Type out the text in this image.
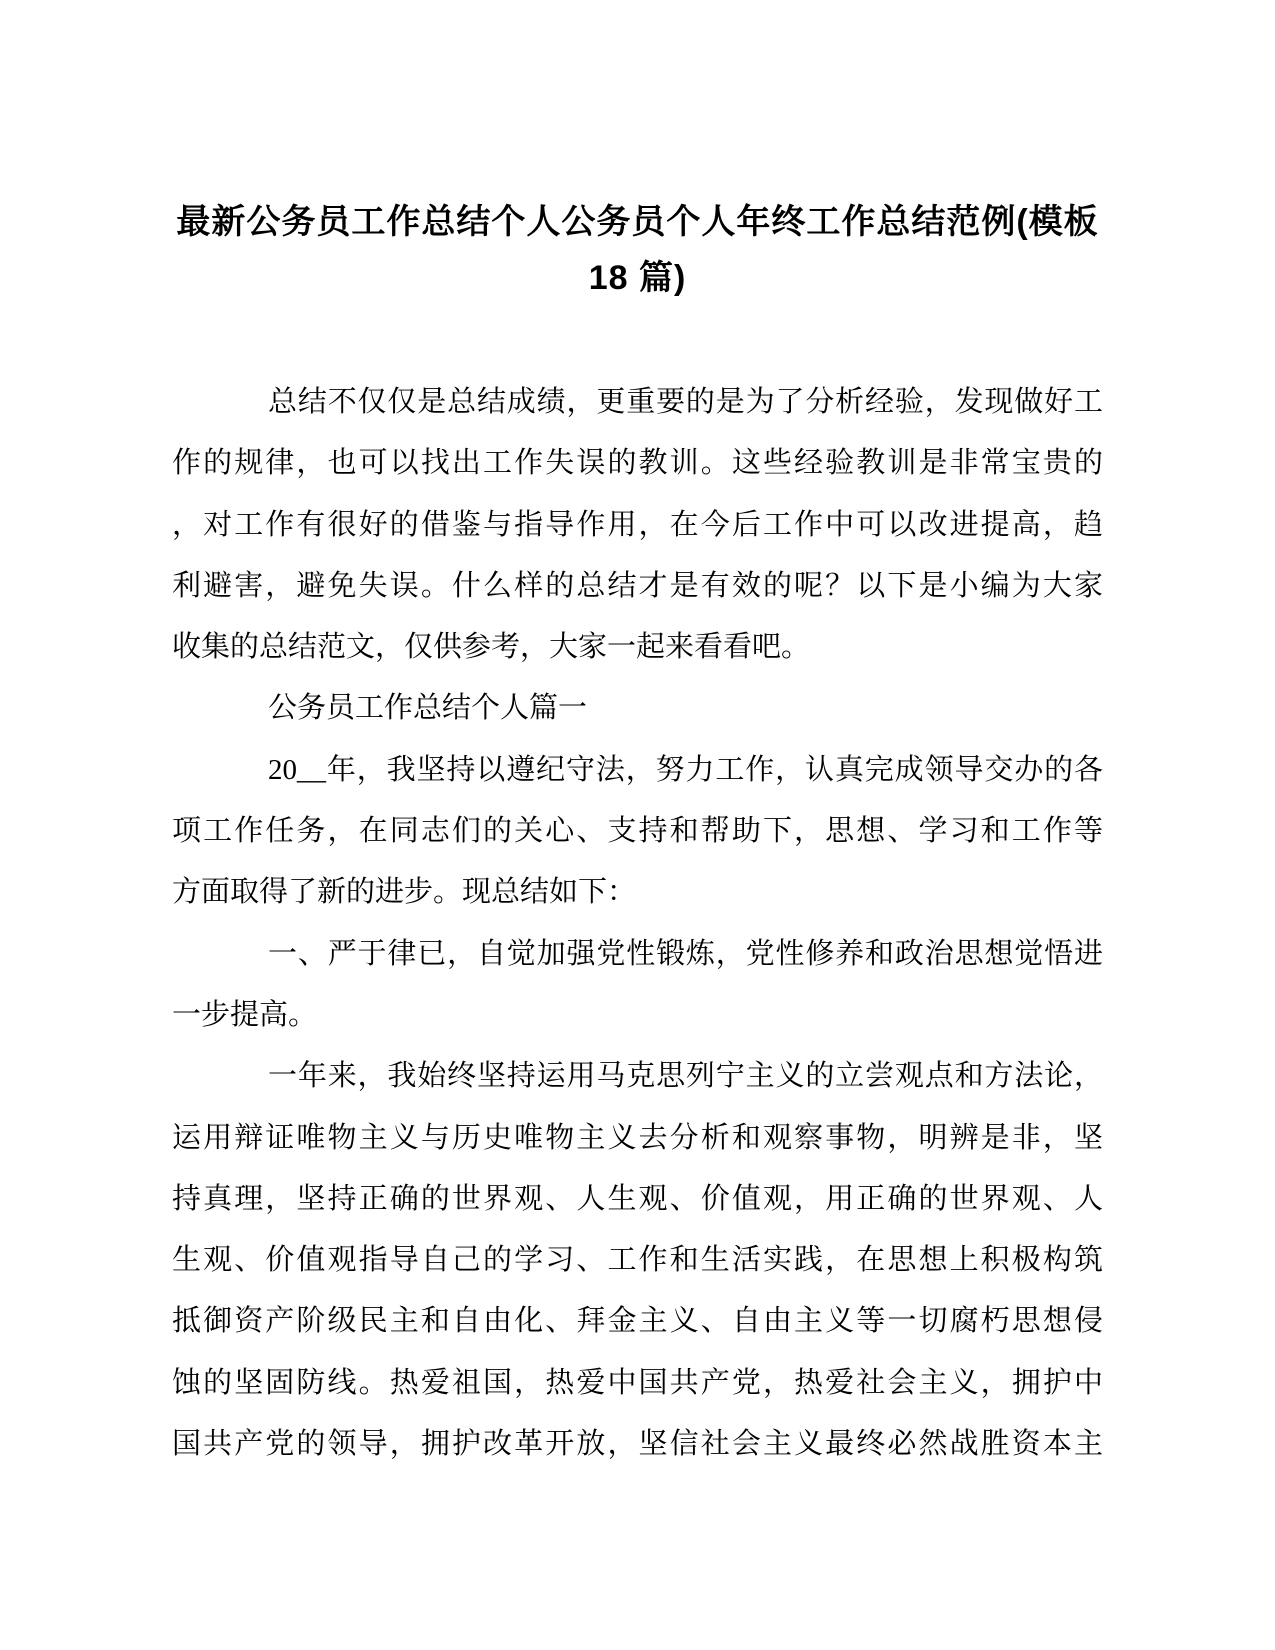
最新公务员工作总结个人公务员个人年终工作总结范例(模板
18 篇)
总结不仅仅是总结成绩，更重要的是为了分析经验，发现做好工
作的规律，也可以找出工作失误的教训。这些经验教训是非常宝贵的
，对工作有很好的借鉴与指导作用，在今后工作中可以改进提高，趋
利避害，避免失误。什么样的总结才是有效的呢？以下是小编为大家
收集的总结范文，仅供参考，大家一起来看看吧。
公务员工作总结个人篇一
20__年，我坚持以遵纪守法，努力工作，认真完成领导交办的各
项工作任务，在同志们的关心、支持和帮助下，思想、学习和工作等
方面取得了新的进步。现总结如下：
一、严于律已，自觉加强党性锻炼，党性修养和政治思想觉悟进
一步提高。
一年来，我始终坚持运用马克思列宁主义的立尝观点和方法论，
运用辩证唯物主义与历史唯物主义去分析和观察事物，明辨是非，坚
持真理，坚持正确的世界观、人生观、价值观，用正确的世界观、人
生观、价值观指导自己的学习、工作和生活实践，在思想上积极构筑
抵御资产阶级民主和自由化、拜金主义、自由主义等一切腐朽思想侵
蚀的坚固防线。热爱祖国，热爱中国共产党，热爱社会主义，拥护中
国共产党的领导，拥护改革开放，坚信社会主义最终必然战胜资本主
